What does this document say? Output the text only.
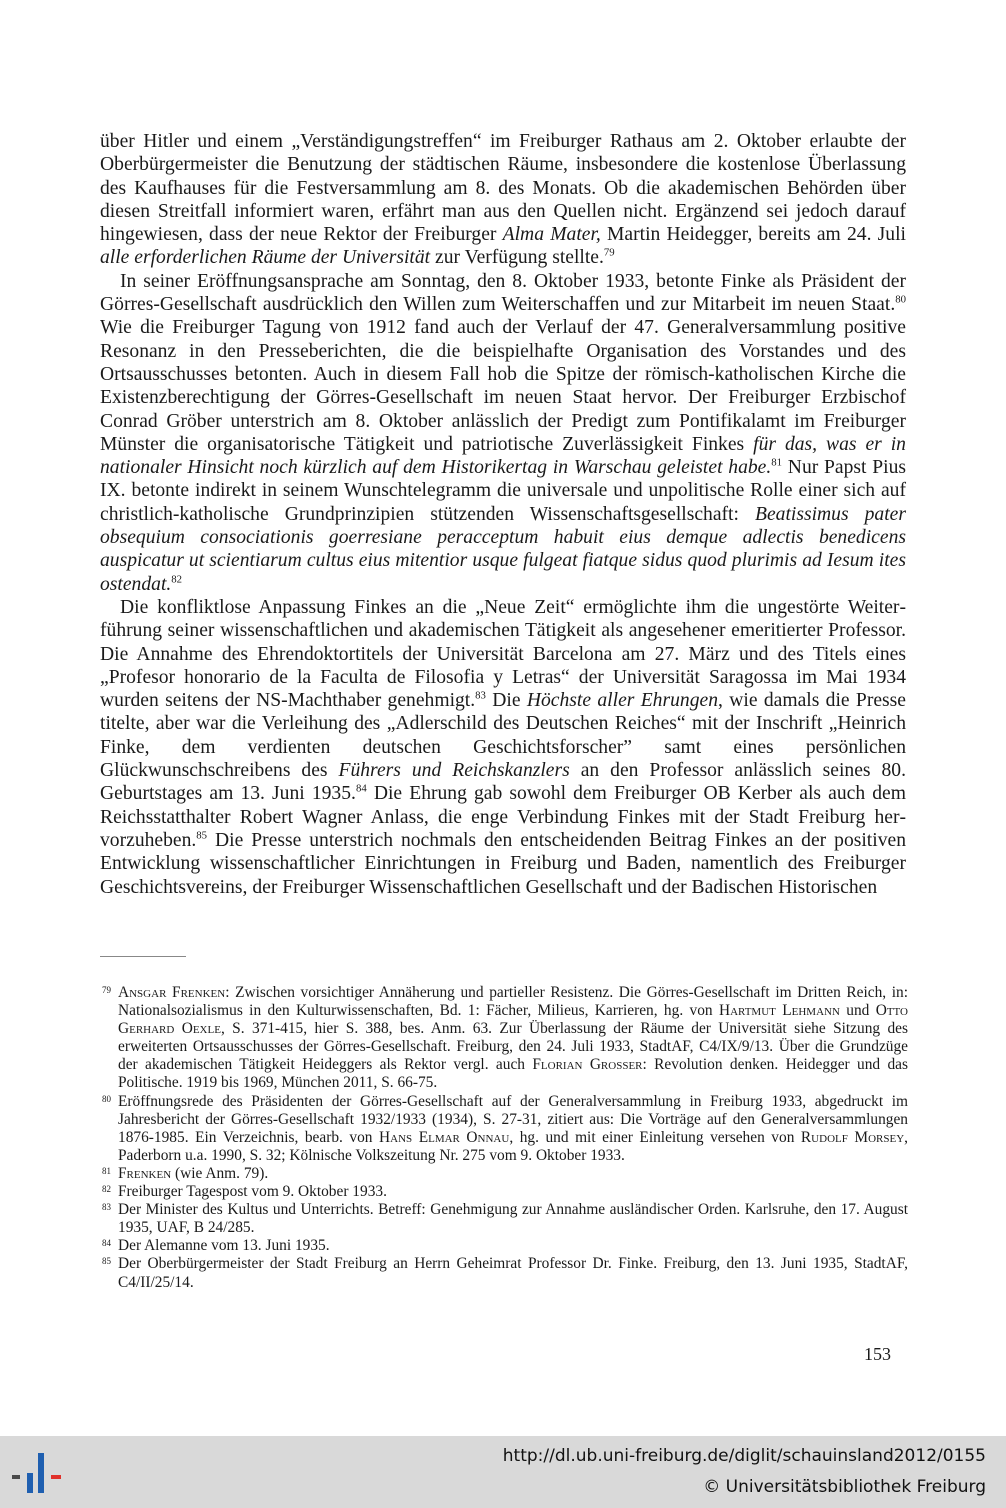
über Hitler und einem „Verständigungstreffen“ im Freiburger Rathaus am 2. Oktober erlaubte der Oberbürgermeister die Benutzung der städtischen Räume, insbesondere die kostenlose Überlassung des Kaufhauses für die Festversammlung am 8. des Monats. Ob die akademischen Behörden über diesen Streitfall informiert waren, erfährt man aus den Quellen nicht. Ergänzend sei jedoch darauf hingewiesen, dass der neue Rektor der Freiburger Alma Mater, Martin Heidegger, bereits am 24. Juli alle erforderlichen Räume der Universität zur Verfügung stellte.$^{79}$

In seiner Eröffnungsansprache am Sonntag, den 8. Oktober 1933, betonte Finke als Präsident der Görres-Gesellschaft ausdrücklich den Willen zum Weiterschaffen und zur Mitarbeit im neuen Staat.$^{80}$ Wie die Freiburger Tagung von 1912 fand auch der Verlauf der 47. Generalversammlung positive Resonanz in den Presseberichten, die die beispielhafte Organisation des Vorstandes und des Ortsausschusses betonten. Auch in diesem Fall hob die Spitze der römisch-katholischen Kirche die Existenzberechtigung der Görres-Gesellschaft im neuen Staat hervor. Der Freiburger Erzbischof Conrad Gröber unterstrich am 8. Oktober anlässlich der Predigt zum Pontifikalamt im Freiburger Münster die organisatorische Tätigkeit und patriotische Zuverlässigkeit Finkes für das, was er in nationaler Hinsicht noch kürzlich auf dem Historikertag in Warschau geleistet habe.$^{81}$ Nur Papst Pius IX. betonte indirekt in seinem Wunschtelegramm die universale und unpolitische Rolle einer sich auf christlich-katholische Grundprinzipien stützenden Wissenschaftsgesellschaft: Beatissimus pater obsequium consociationis goerresiane peracceptum habuit eius demque adlectis benedicens auspicatur ut scientiarum cultus eius mitentior usque fulgeat fiatque sidus quod plurimis ad Iesum ites ostendat.$^{82}$

Die konfliktlose Anpassung Finkes an die „Neue Zeit“ ermöglichte ihm die ungestörte Weiterführung seiner wissenschaftlichen und akademischen Tätigkeit als angesehener emeritierter Professor. Die Annahme des Ehrendoktortitels der Universität Barcelona am 27. März und des Titels eines „Profesor honorario de la Faculta de Filosofia y Letras“ der Universität Saragossa im Mai 1934 wurden seitens der NS-Machthaber genehmigt.$^{83}$ Die Höchste aller Ehrungen, wie damals die Presse titelte, aber war die Verleihung des „Adlerschild des Deutschen Reiches“ mit der Inschrift „Heinrich Finke, dem verdienten deutschen Geschichtsforscher” samt eines persönlichen Glückwunschschreibens des Führers und Reichskanzlers an den Professor anlässlich seines 80. Geburtstages am 13. Juni 1935.84 Die Ehrung gab sowohl dem Freiburger OB Kerber als auch dem Reichsstatthalter Robert Wagner Anlass, die enge Verbindung Finkes mit der Stadt Freiburg hervorzuheben.$^{85}$ Die Presse unterstrich nochmals den entscheidenden Beitrag Finkes an der positiven Entwicklung wissenschaftlicher Einrichtungen in Freiburg und Baden, namentlich des Freiburger Geschichtsvereins, der Freiburger Wissenschaftlichen Gesellschaft und der Badischen Historischen

79 Ansgar Frenken: Zwischen vorsichtiger Annäherung und partieller Resistenz. Die Görres-Gesellschaft im Dritten Reich, in: Nationalsozialismus in den Kulturwissenschaften, Bd. 1: Fächer, Milieus, Karrieren, hg. von Hartmut Lehmann und Otto Gerhard Oexle, S. 371-415, hier S. 388, bes. Anm. 63. Zur Überlassung der Räume der Universität siehe Sitzung des erweiterten Ortsausschusses der Görres-Gesellschaft. Freiburg, den 24. Juli 1933, StadtAF, C4/IX/9/13. Über die Grundzüge der akademischen Tätigkeit Heideggers als Rektor vergl. auch Florian Grosser: Revolution denken. Heidegger und das Politische. 1919 bis 1969, München 2011, S. 66-75.

80 Eröffnungsrede des Präsidenten der Görres-Gesellschaft auf der Generalversammlung in Freiburg 1933, abgedruckt im Jahresbericht der Görres-Gesellschaft 1932/1933 (1934), S. 27-31, zitiert aus: Die Vorträge auf den Generalversammlungen 1876-1985. Ein Verzeichnis, bearb. von Hans Elmar Onnau, hg. und mit einer Einleitung versehen von Rudolf Morsey, Paderborn u.a. 1990, S. 32; Kölnische Volkszeitung Nr. 275 vom 9. Oktober 1933.

81 Frenken (wie Anm. 79).

82 Freiburger Tagespost vom 9. Oktober 1933.

83 Der Minister des Kultus und Unterrichts. Betreff: Genehmigung zur Annahme ausländischer Orden. Karlsruhe, den 17. August 1935, UAF, B 24/285.

84 Der Alemanne vom 13. Juni 1935.

85 Der Oberbürgermeister der Stadt Freiburg an Herrn Geheimrat Professor Dr. Finke. Freiburg, den 13. Juni 1935, StadtAF, C4/II/25/14.

153
http://dl.ub.uni-freiburg.de/diglit/schauinsland2012/0155
© Universitätsbibliothek Freiburg
